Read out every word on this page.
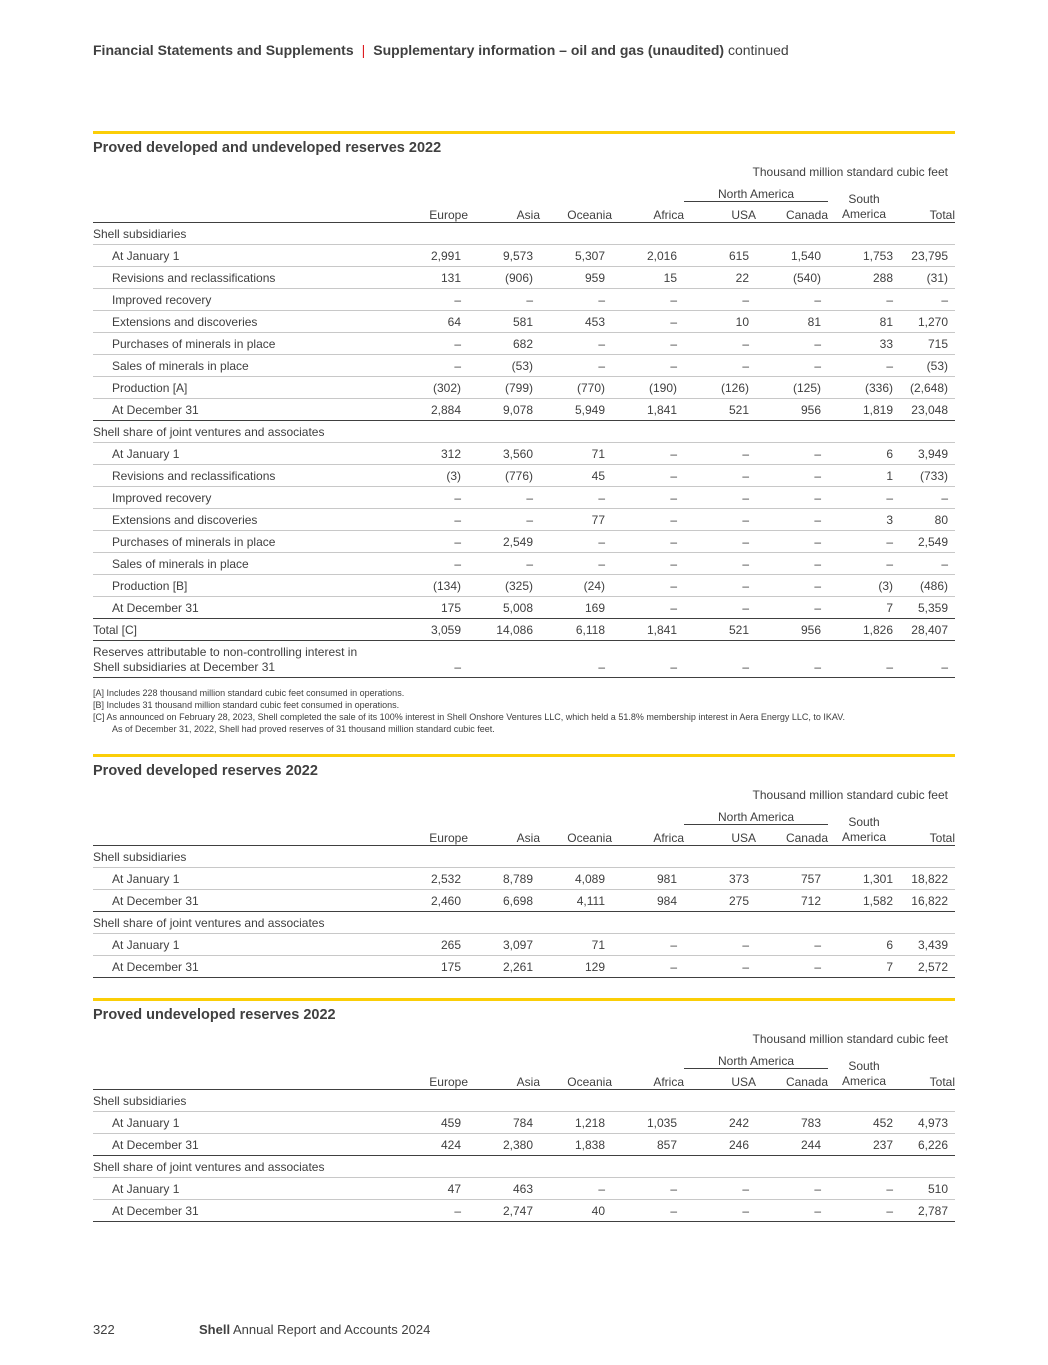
Financial Statements and Supplements | Supplementary information – oil and gas (unaudited) continued
Proved developed and undeveloped reserves 2022
Thousand million standard cubic feet
					North America		South
America	
	Europe	Asia	Oceania	Africa	USA	Canada		Total
Shell subsidiaries								
At January 1	2,991	9,573	5,307	2,016	615	1,540	1,753	23,795
Revisions and reclassifications	131	(906)	959	15	22	(540)	288	(31)
Improved recovery	–	–	–	–	–	–	–	–
Extensions and discoveries	64	581	453	–	10	81	81	1,270
Purchases of minerals in place	–	682	–	–	–	–	33	715
Sales of minerals in place	–	(53)	–	–	–	–	–	(53)
Production [A]	(302)	(799)	(770)	(190)	(126)	(125)	(336)	(2,648)
At December 31	2,884	9,078	5,949	1,841	521	956	1,819	23,048
Shell share of joint ventures and associates								
At January 1	312	3,560	71	–	–	–	6	3,949
Revisions and reclassifications	(3)	(776)	45	–	–	–	1	(733)
Improved recovery	–	–	–	–	–	–	–	–
Extensions and discoveries	–	–	77	–	–	–	3	80
Purchases of minerals in place	–	2,549	–	–	–	–	–	2,549
Sales of minerals in place	–	–	–	–	–	–	–	–
Production [B]	(134)	(325)	(24)	–	–	–	(3)	(486)
At December 31	175	5,008	169	–	–	–	7	5,359
Total [C]	3,059	14,086	6,118	1,841	521	956	1,826	28,407
Reserves attributable to non-controlling interest in
Shell subsidiaries at December 31	–		–	–	–	–	–	–
[A] Includes 228 thousand million standard cubic feet consumed in operations.
[B] Includes 31 thousand million standard cubic feet consumed in operations.
[C] As announced on February 28, 2023, Shell completed the sale of its 100% interest in Shell Onshore Ventures LLC, which held a 51.8% membership interest in Aera Energy LLC, to IKAV.
As of December 31, 2022, Shell had proved reserves of 31 thousand million standard cubic feet.
Proved developed reserves 2022
Thousand million standard cubic feet
					North America		South
America	
	Europe	Asia	Oceania	Africa	USA	Canada		Total
Shell subsidiaries								
At January 1	2,532	8,789	4,089	981	373	757	1,301	18,822
At December 31	2,460	6,698	4,111	984	275	712	1,582	16,822
Shell share of joint ventures and associates								
At January 1	265	3,097	71	–	–	–	6	3,439
At December 31	175	2,261	129	–	–	–	7	2,572
Proved undeveloped reserves 2022
Thousand million standard cubic feet
					North America		South
America	
	Europe	Asia	Oceania	Africa	USA	Canada		Total
Shell subsidiaries								
At January 1	459	784	1,218	1,035	242	783	452	4,973
At December 31	424	2,380	1,838	857	246	244	237	6,226
Shell share of joint ventures and associates								
At January 1	47	463	–	–	–	–	–	510
At December 31	–	2,747	40	–	–	–	–	2,787
322	Shell Annual Report and Accounts 2024
